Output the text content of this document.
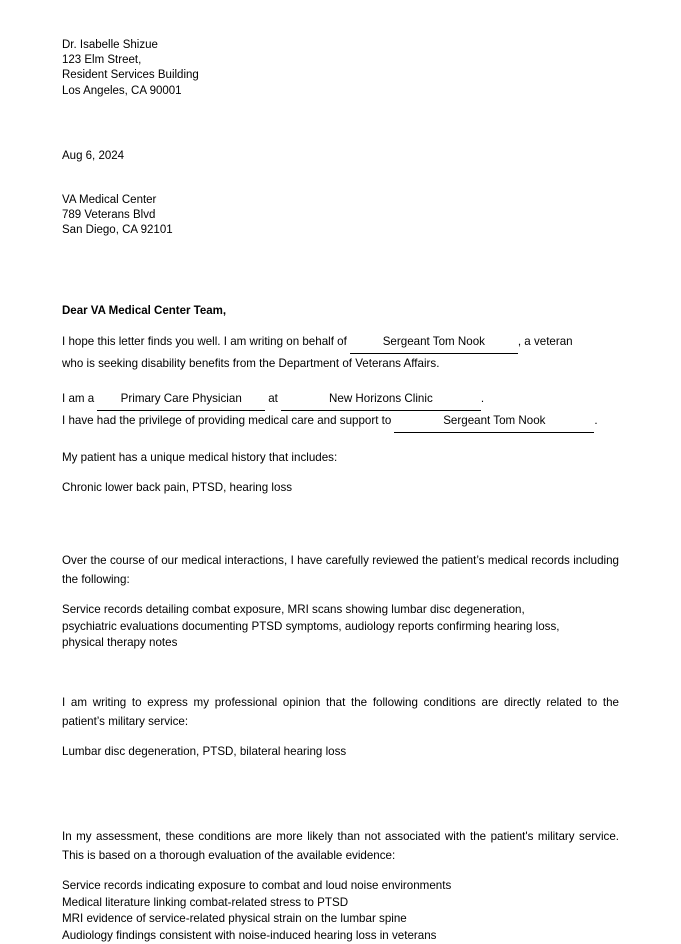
Dr. Isabelle Shizue
123 Elm Street,
Resident Services Building
Los Angeles, CA 90001
Aug 6, 2024
VA Medical Center
789 Veterans Blvd
San Diego, CA 92101
Dear VA Medical Center Team,
I hope this letter finds you well. I am writing on behalf of	Sergeant Tom Nook	, a veteran
who is seeking disability benefits from the Department of Veterans Affairs.
I am a Primary Care Physician at	New Horizons Clinic	.
I have had the privilege of providing medical care and support to	Sergeant Tom Nook	.
My patient has a unique medical history that includes:
Chronic lower back pain, PTSD, hearing loss
Over the course of our medical interactions, I have carefully reviewed the patient’s medical records including the following:
Service records detailing combat exposure, MRI scans showing lumbar disc degeneration,
psychiatric evaluations documenting PTSD symptoms, audiology reports confirming hearing loss,
physical therapy notes
I am writing to express my professional opinion that the following conditions are directly related to the patient’s military service:
Lumbar disc degeneration, PTSD, bilateral hearing loss
In my assessment, these conditions are more likely than not associated with the patient's military service. This is based on a thorough evaluation of the available evidence:
Service records indicating exposure to combat and loud noise environments
Medical literature linking combat-related stress to PTSD
MRI evidence of service-related physical strain on the lumbar spine
Audiology findings consistent with noise-induced hearing loss in veterans
